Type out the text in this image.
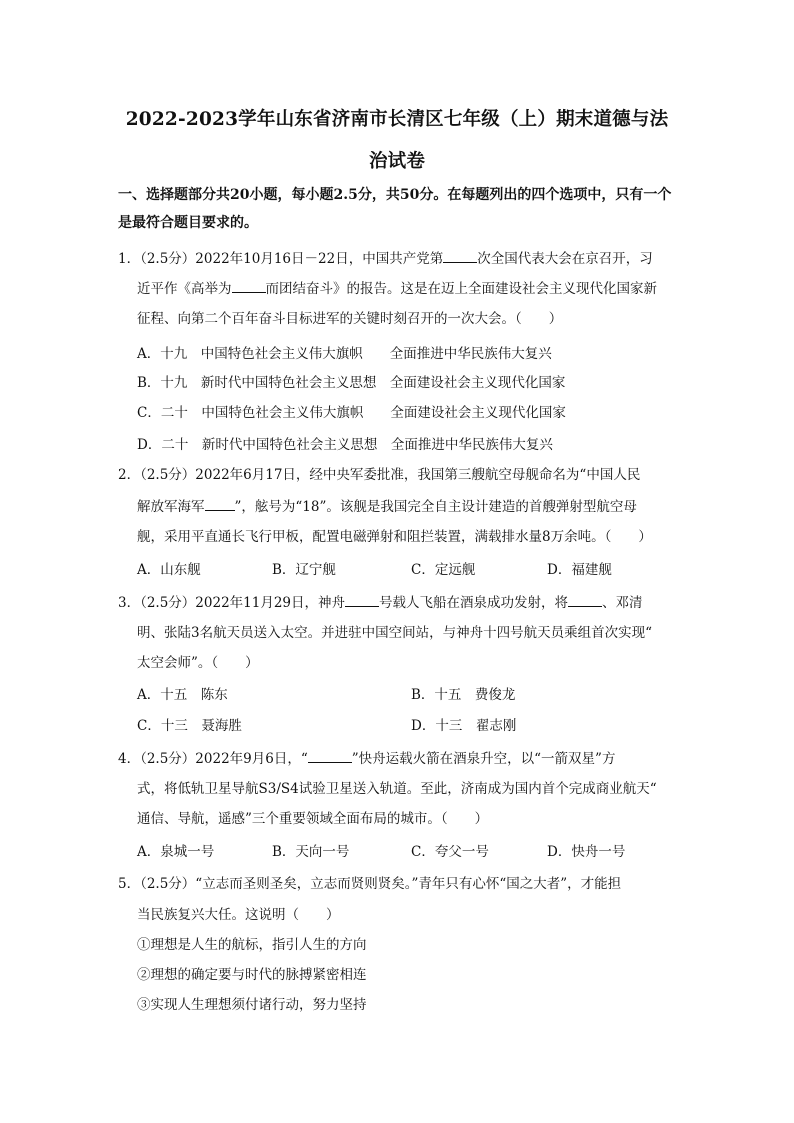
2022-2023学年山东省济南市长清区七年级（上）期末道德与法
治试卷
一、选择题部分共20小题，每小题2.5分，共50分。在每题列出的四个选项中，只有一个
是最符合题目要求的。
1．（2.5分）2022年10月16日－22日，中国共产党第	次全国代表大会在京召开，习
近平作《高举为	而团结奋斗》的报告。这是在迈上全面建设社会主义现代化国家新
征程、向第二个百年奋斗目标进军的关键时刻召开的一次大会。（　　）
A．十九　中国特色社会主义伟大旗帜　　全面推进中华民族伟大复兴
B．十九　新时代中国特色社会主义思想　全面建设社会主义现代化国家
C．二十　中国特色社会主义伟大旗帜　　全面建设社会主义现代化国家
D．二十　新时代中国特色社会主义思想　全面推进中华民族伟大复兴
2．（2.5分）2022年6月17日，经中央军委批准，我国第三艘航空母舰命名为“中国人民
解放军海军 ”，舷号为“18”。该舰是我国完全自主设计建造的首艘弹射型航空母
舰，采用平直通长飞行甲板，配置电磁弹射和阻拦装置，满载排水量8万余吨。（　　）
A．山东舰	B．辽宁舰	C．定远舰	D．福建舰
3．（2.5分）2022年11月29日，神舟	号载人飞船在酒泉成功发射，将	、邓清
明、张陆3名航天员送入太空。并进驻中国空间站，与神舟十四号航天员乘组首次实现“
太空会师”。（　　）
A．十五　陈东	B．十五　费俊龙
C．十三　聂海胜	D．十三　翟志刚
4．（2.5分）2022年9月6日，“	”快舟运载火箭在酒泉升空，以“一箭双星”方
式，将低轨卫星导航S3/S4试验卫星送入轨道。至此，济南成为国内首个完成商业航天“
通信、导航，遥感”三个重要领域全面布局的城市。（　　）
A．泉城一号	B．天向一号	C．夸父一号	D．快舟一号
5．（2.5分）“立志而圣则圣矣，立志而贤则贤矣。”青年只有心怀“国之大者”，才能担
当民族复兴大任。这说明（　　）
①理想是人生的航标，指引人生的方向
②理想的确定要与时代的脉搏紧密相连
③实现人生理想须付诸行动，努力坚持
